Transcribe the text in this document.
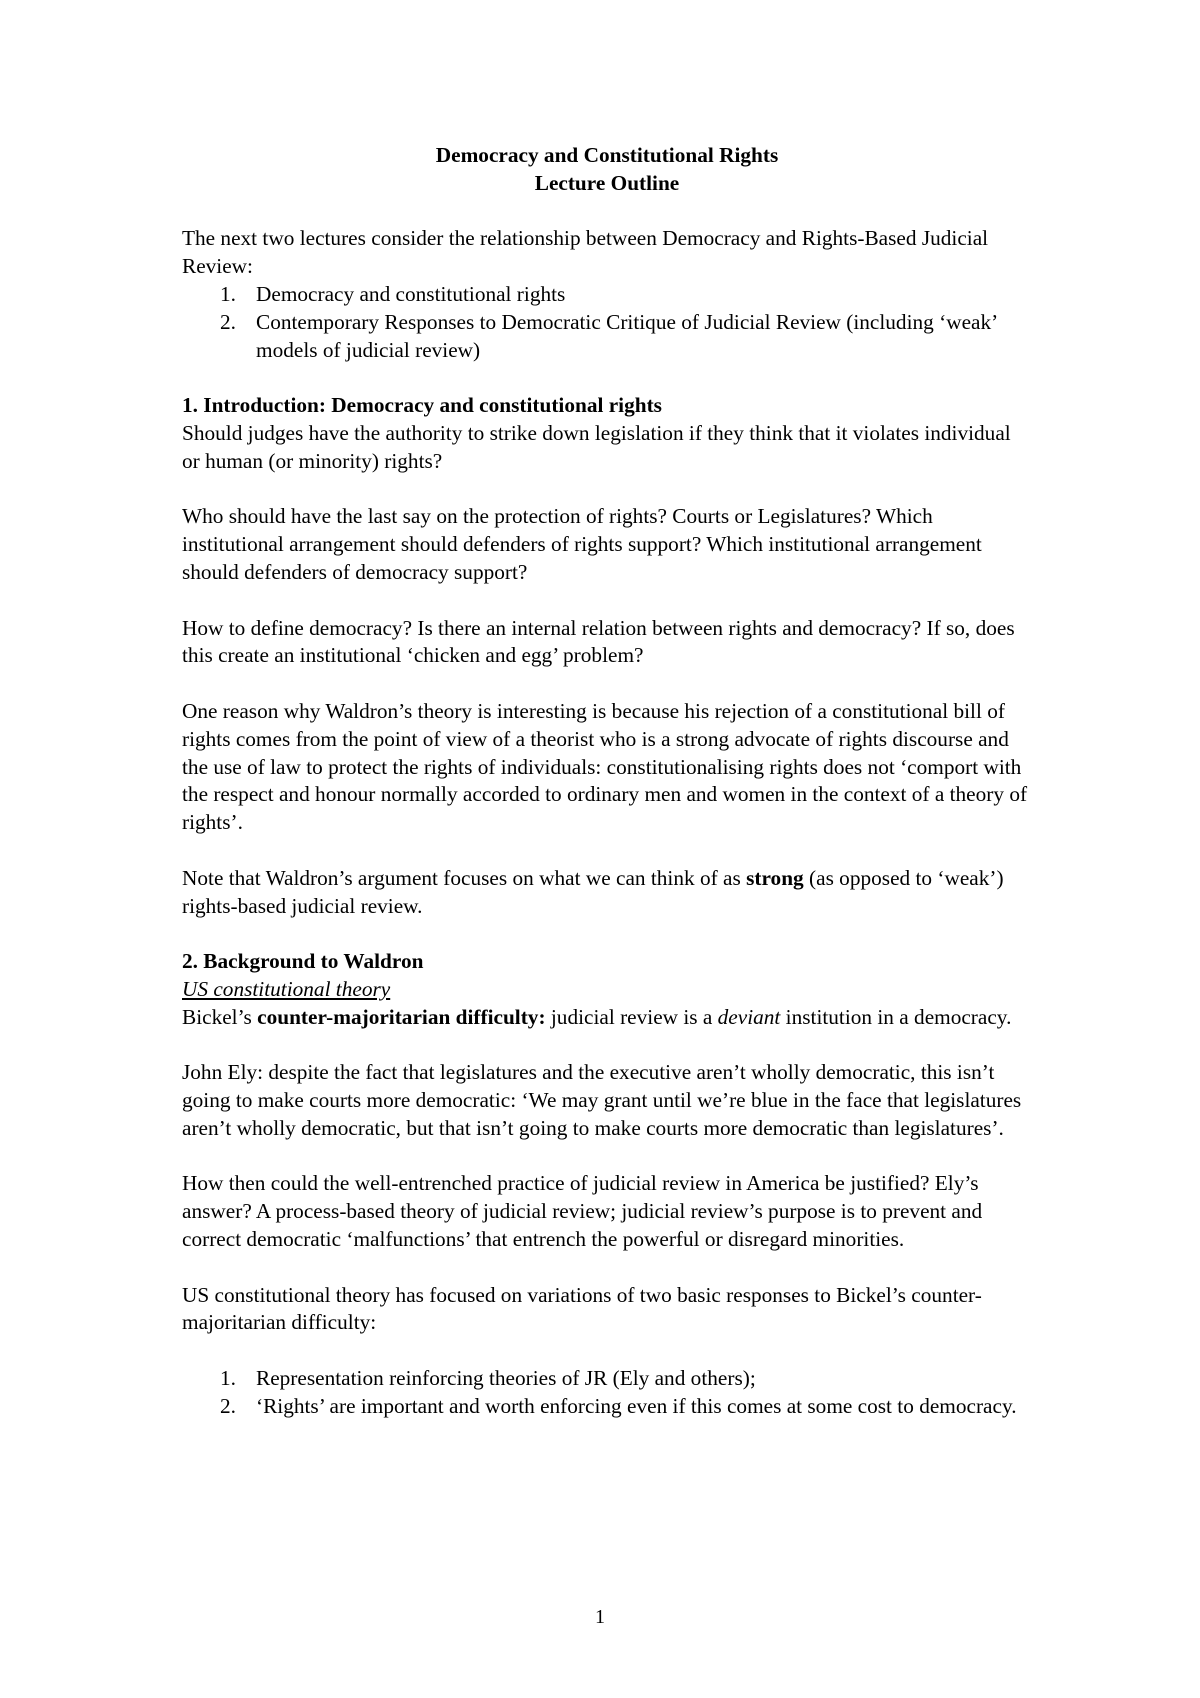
Democracy and Constitutional Rights

Lecture Outline

The next two lectures consider the relationship between Democracy and Rights-Based Judicial Review:

1. Democracy and constitutional rights
2. Contemporary Responses to Democratic Critique of Judicial Review (including ‘weak’ models of judicial review)

1. Introduction: Democracy and constitutional rights

Should judges have the authority to strike down legislation if they think that it violates individual or human (or minority) rights?

Who should have the last say on the protection of rights? Courts or Legislatures? Which institutional arrangement should defenders of rights support? Which institutional arrangement should defenders of democracy support?

How to define democracy? Is there an internal relation between rights and democracy? If so, does this create an institutional ‘chicken and egg’ problem?

One reason why Waldron’s theory is interesting is because his rejection of a constitutional bill of rights comes from the point of view of a theorist who is a strong advocate of rights discourse and the use of law to protect the rights of individuals: constitutionalising rights does not ‘comport with the respect and honour normally accorded to ordinary men and women in the context of a theory of rights’.

Note that Waldron’s argument focuses on what we can think of as strong (as opposed to ‘weak’) rights-based judicial review.

2. Background to Waldron

US constitutional theory

Bickel’s counter-majoritarian difficulty: judicial review is a deviant institution in a democracy.

John Ely: despite the fact that legislatures and the executive aren’t wholly democratic, this isn’t going to make courts more democratic: ‘We may grant until we’re blue in the face that legislatures aren’t wholly democratic, but that isn’t going to make courts more democratic than legislatures’.

How then could the well-entrenched practice of judicial review in America be justified? Ely’s answer? A process-based theory of judicial review; judicial review’s purpose is to prevent and correct democratic ‘malfunctions’ that entrench the powerful or disregard minorities.

US constitutional theory has focused on variations of two basic responses to Bickel’s counter-majoritarian difficulty:

1. Representation reinforcing theories of JR (Ely and others);
2. ‘Rights’ are important and worth enforcing even if this comes at some cost to democracy.
1
